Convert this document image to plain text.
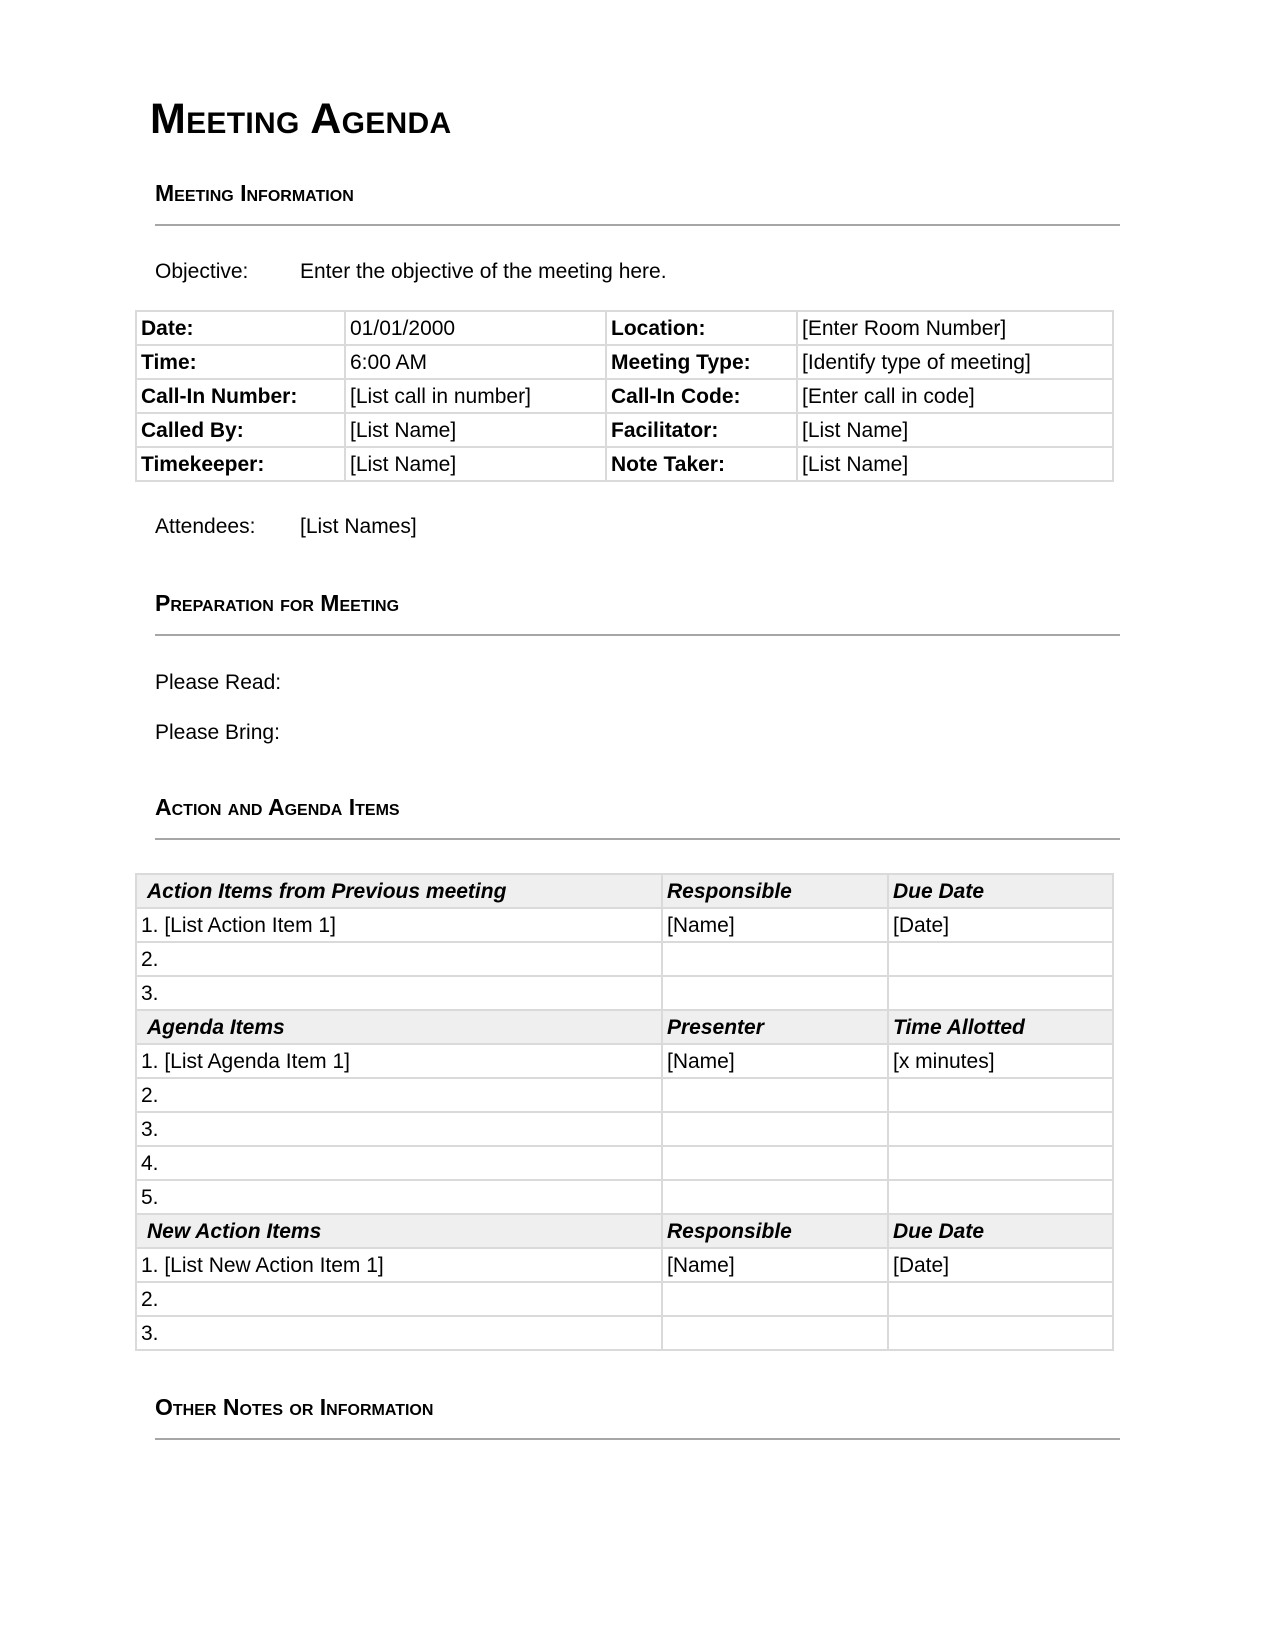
Meeting Agenda
Meeting Information
Objective: Enter the objective of the meeting here.
Date:	01/01/2000	Location:	[Enter Room Number]
Time:	6:00 AM	Meeting Type:	[Identify type of meeting]
Call-In Number:	[List call in number]	Call-In Code:	[Enter call in code]
Called By:	[List Name]	Facilitator:	[List Name]
Timekeeper:	[List Name]	Note Taker:	[List Name]
Attendees: [List Names]
Preparation for Meeting
Please Read:
Please Bring:
Action and Agenda Items
Action Items from Previous meeting	Responsible	Due Date
1. [List Action Item 1]	[Name]	[Date]
2.		
3.		
Agenda Items	Presenter	Time Allotted
1. [List Agenda Item 1]	[Name]	[x minutes]
2.		
3.		
4.		
5.		
New Action Items	Responsible	Due Date
1. [List New Action Item 1]	[Name]	[Date]
2.		
3.		
Other Notes or Information
